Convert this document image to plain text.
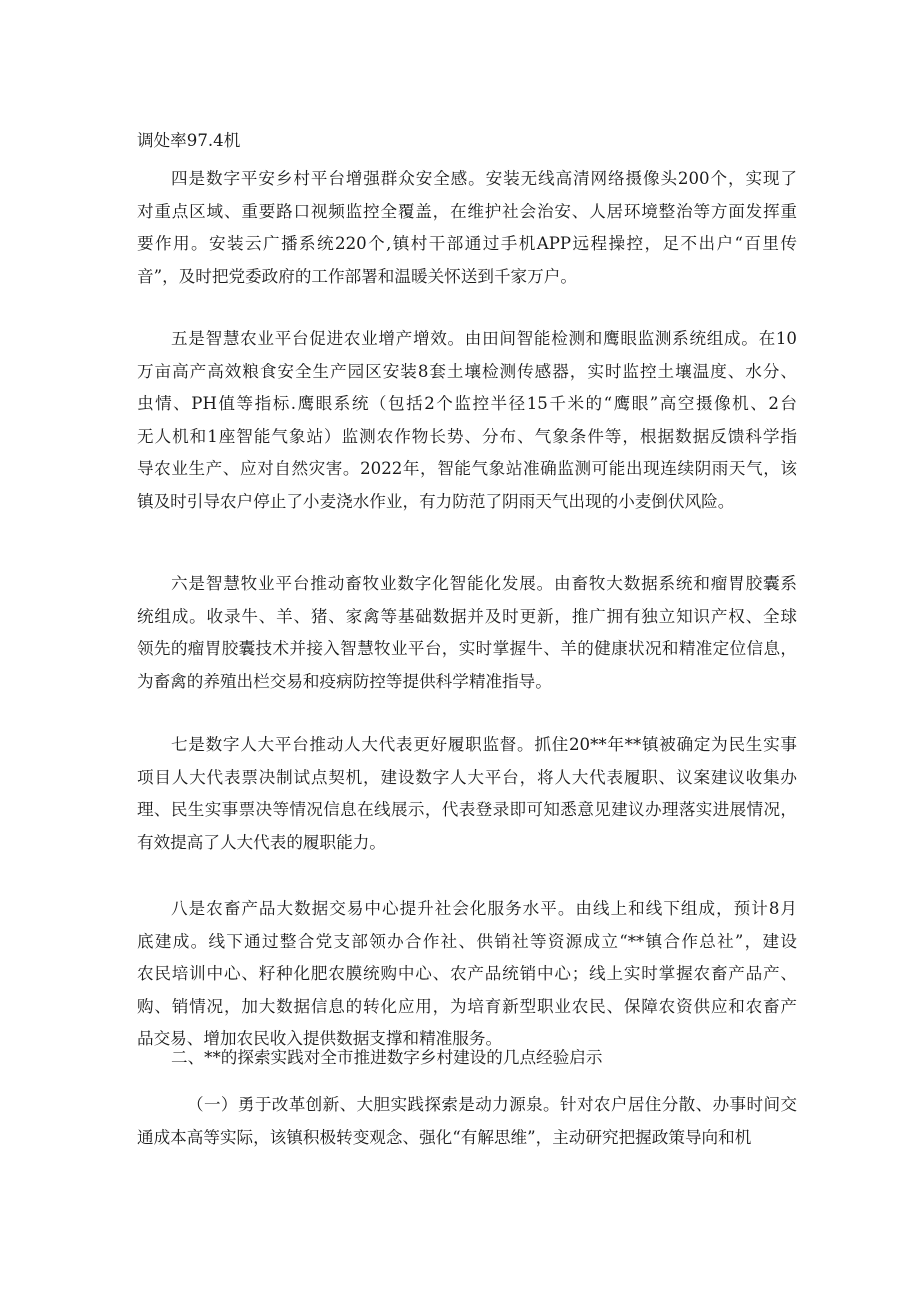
调处率97.4机
四是数字平安乡村平台增强群众安全感。安装无线高清网络摄像头200个，实现了
对重点区域、重要路口视频监控全覆盖，在维护社会治安、人居环境整治等方面发挥重
要作用。安装云广播系统220个,镇村干部通过手机APP远程操控，足不出户“百里传
音”，及时把党委政府的工作部署和温暖关怀送到千家万户。
五是智慧农业平台促进农业增产增效。由田间智能检测和鹰眼监测系统组成。在10
万亩高产高效粮食安全生产园区安装8套土壤检测传感器，实时监控土壤温度、水分、
虫情、PH值等指标.鹰眼系统（包括2个监控半径15千米的“鹰眼”高空摄像机、2台
无人机和1座智能气象站）监测农作物长势、分布、气象条件等，根据数据反馈科学指
导农业生产、应对自然灾害。2022年，智能气象站准确监测可能出现连续阴雨天气，该
镇及时引导农户停止了小麦浇水作业，有力防范了阴雨天气出现的小麦倒伏风险。
六是智慧牧业平台推动畜牧业数字化智能化发展。由畜牧大数据系统和瘤胃胶囊系
统组成。收录牛、羊、猪、家禽等基础数据并及时更新，推广拥有独立知识产权、全球
领先的瘤胃胶囊技术并接入智慧牧业平台，实时掌握牛、羊的健康状况和精准定位信息，
为畜禽的养殖出栏交易和疫病防控等提供科学精准指导。
七是数字人大平台推动人大代表更好履职监督。抓住20**年**镇被确定为民生实事
项目人大代表票决制试点契机，建设数字人大平台，将人大代表履职、议案建议收集办
理、民生实事票决等情况信息在线展示，代表登录即可知悉意见建议办理落实进展情况，
有效提高了人大代表的履职能力。
八是农畜产品大数据交易中心提升社会化服务水平。由线上和线下组成，预计8月
底建成。线下通过整合党支部领办合作社、供销社等资源成立“**镇合作总社”，建设
农民培训中心、籽种化肥农膜统购中心、农产品统销中心；线上实时掌握农畜产品产、
购、销情况，加大数据信息的转化应用，为培育新型职业农民、保障农资供应和农畜产
品交易、增加农民收入提供数据支撑和精准服务。
二、**的探索实践对全市推进数字乡村建设的几点经验启示
（一）勇于改革创新、大胆实践探索是动力源泉。针对农户居住分散、办事时间交
通成本高等实际，该镇积极转变观念、强化“有解思维”，主动研究把握政策导向和机
